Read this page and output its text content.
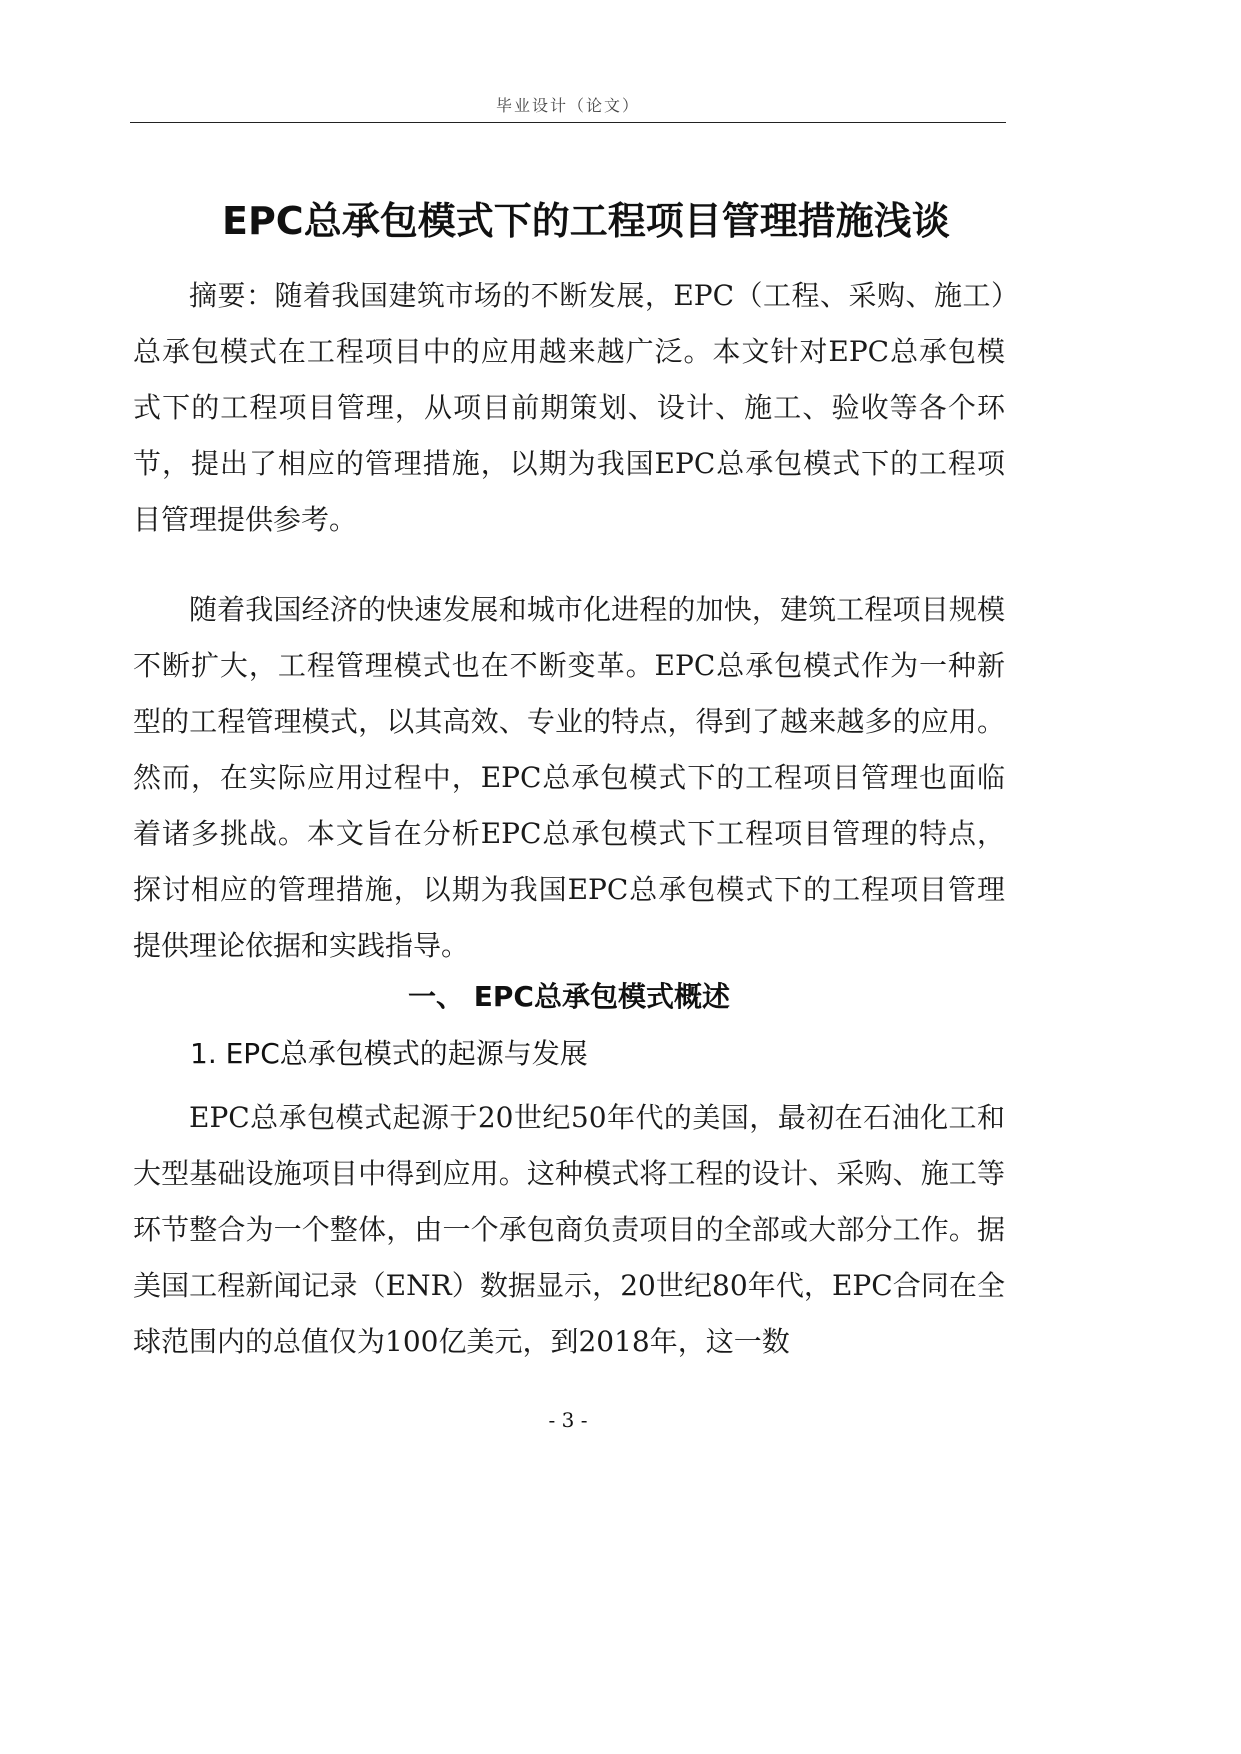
毕业设计（论文）
EPC总承包模式下的工程项目管理措施浅谈

摘要：随着我国建筑市场的不断发展，EPC（工程、采购、施工）总承包模式在工程项目中的应用越来越广泛。本文针对EPC总承包模式下的工程项目管理，从项目前期策划、设计、施工、验收等各个环节，提出了相应的管理措施，以期为我国EPC总承包模式下的工程项目管理提供参考。

随着我国经济的快速发展和城市化进程的加快，建筑工程项目规模不断扩大，工程管理模式也在不断变革。EPC总承包模式作为一种新型的工程管理模式，以其高效、专业的特点，得到了越来越多的应用。然而，在实际应用过程中，EPC总承包模式下的工程项目管理也面临着诸多挑战。本文旨在分析EPC总承包模式下工程项目管理的特点，探讨相应的管理措施，以期为我国EPC总承包模式下的工程项目管理提供理论依据和实践指导。

一、 EPC总承包模式概述
1. EPC总承包模式的起源与发展

EPC总承包模式起源于20世纪50年代的美国，最初在石油化工和大型基础设施项目中得到应用。这种模式将工程的设计、采购、施工等环节整合为一个整体，由一个承包商负责项目的全部或大部分工作。据美国工程新闻记录（ENR）数据显示，20世纪80年代，EPC合同在全球范围内的总值仅为100亿美元，到2018年，这一数

- 3 -
